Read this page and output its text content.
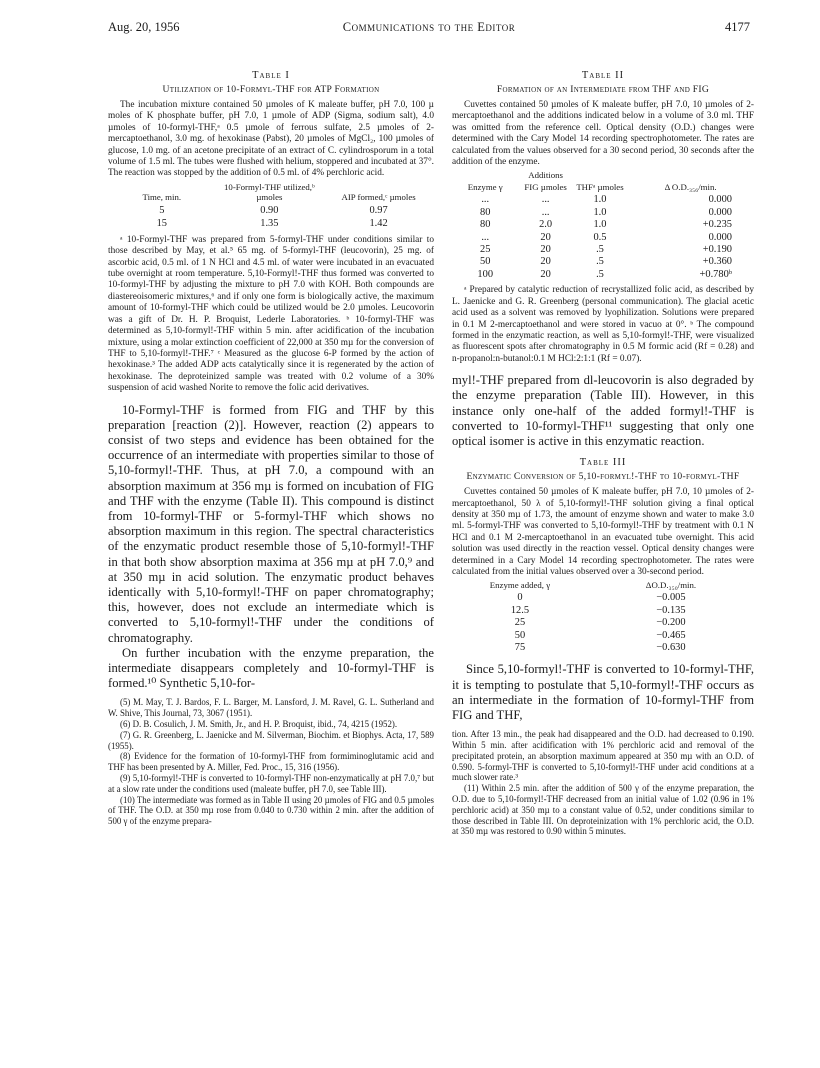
Aug. 20, 1956	Communications to the Editor	4177
Table I
Utilization of 10-Formyl-THF for ATP Formation

The incubation mixture contained 50 µmoles of K maleate buffer, pH 7.0, 100 µ moles of K phosphate buffer, pH 7.0, 1 µmole of ADP (Sigma, sodium salt), 4.0 µmoles of 10-formyl-THF,ᵃ 0.5 µmole of ferrous sulfate, 2.5 µmoles of 2-mercaptoethanol, 3.0 mg. of hexokinase (Pabst), 20 µmoles of MgCl₂, 100 µmoles of glucose, 1.0 mg. of an acetone precipitate of an extract of C. cylindrosporum in a total volume of 1.5 ml. The tubes were flushed with helium, stoppered and incubated at 37°. The reaction was stopped by the addition of 0.5 ml. of 4% perchloric acid.

Time, min.	10-Formyl-THF utilized,ᵇ µmoles	AIP formed,ᶜ µmoles
5	0.90	0.97
15	1.35	1.42

ᵃ 10-Formyl-THF was prepared from 5-formyl-THF under conditions similar to those described by May, et al.⁵ 65 mg. of 5-formyl-THF (leucovorin), 25 mg. of ascorbic acid, 0.5 ml. of 1 N HCl and 4.5 ml. of water were incubated in an evacuated tube overnight at room temperature. 5,10-Formyl!-THF thus formed was converted to 10-formyl-THF by adjusting the mixture to pH 7.0 with KOH. Both compounds are diastereoisomeric mixtures,⁶ and if only one form is biologically active, the maximum amount of 10-formyl-THF which could be utilized would be 2.0 µmoles. Leucovorin was a gift of Dr. H. P. Broquist, Lederle Laboratories. ᵇ 10-formyl-THF was determined as 5,10-formyl!-THF within 5 min. after acidification of the incubation mixture, using a molar extinction coefficient of 22,000 at 350 mµ for the conversion of THF to 5,10-formyl!-THF.⁷ ᶜ Measured as the glucose 6-P formed by the action of hexokinase.³ The added ADP acts catalytically since it is regenerated by the action of hexokinase. The deproteinized sample was treated with 0.2 volume of a 30% suspension of acid washed Norite to remove the folic acid derivatives.

10-Formyl-THF is formed from FIG and THF by this preparation [reaction (2)]. However, reaction (2) appears to consist of two steps and evidence has been obtained for the occurrence of an intermediate with properties similar to those of 5,10-formyl!-THF. Thus, at pH 7.0, a compound with an absorption maximum at 356 mµ is formed on incubation of FIG and THF with the enzyme (Table II). This compound is distinct from 10-formyl-THF or 5-formyl-THF which shows no absorption maximum in this region. The spectral characteristics of the enzymatic product resemble those of 5,10-formyl!-THF in that both show absorption maxima at 356 mµ at pH 7.0,⁹ and at 350 mµ in acid solution. The enzymatic product behaves identically with 5,10-formyl!-THF on paper chromatography; this, however, does not exclude an intermediate which is converted to 5,10-formyl!-THF under the conditions of chromatography.

On further incubation with the enzyme preparation, the intermediate disappears completely and 10-formyl-THF is formed.¹⁰ Synthetic 5,10-for-

(5) M. May, T. J. Bardos, F. L. Barger, M. Lansford, J. M. Ravel, G. L. Sutherland and W. Shive, This Journal, 73, 3067 (1951).

(6) D. B. Cosulich, J. M. Smith, Jr., and H. P. Broquist, ibid., 74, 4215 (1952).

(7) G. R. Greenberg, L. Jaenicke and M. Silverman, Biochim. et Biophys. Acta, 17, 589 (1955).

(8) Evidence for the formation of 10-formyl-THF from formiminoglutamic acid and THF has been presented by A. Miller, Fed. Proc., 15, 316 (1956).

(9) 5,10-formyl!-THF is converted to 10-formyl-THF non-enzymatically at pH 7.0,⁷ but at a slow rate under the conditions used (maleate buffer, pH 7.0, see Table III).

(10) The intermediate was formed as in Table II using 20 µmoles of FIG and 0.5 µmoles of THF. The O.D. at 350 mµ rose from 0.040 to 0.730 within 2 min. after the addition of 500 γ of the enzyme prepara-

Table II
Formation of an Intermediate from THF and FIG

Cuvettes contained 50 µmoles of K maleate buffer, pH 7.0, 10 µmoles of 2-mercaptoethanol and the additions indicated below in a volume of 3.0 ml. THF was omitted from the reference cell. Optical density (O.D.) changes were determined with the Cary Model 14 recording spectrophotometer. The rates are calculated from the values observed for a 30 second period, 30 seconds after the addition of the enzyme.

	Additions		
Enzyme γ	FIG µmoles	THFᵃ µmoles	Δ O.D.₃₅₆/min.
...	...	1.0	0.000
80	...	1.0	0.000
80	2.0	1.0	+0.235
...	20	0.5	0.000
25	20	.5	+0.190
50	20	.5	+0.360
100	20	.5	+0.780ᵇ

ᵃ Prepared by catalytic reduction of recrystallized folic acid, as described by L. Jaenicke and G. R. Greenberg (personal communication). The glacial acetic acid used as a solvent was removed by lyophilization. Solutions were prepared in 0.1 M 2-mercaptoethanol and were stored in vacuo at 0°. ᵇ The compound formed in the enzymatic reaction, as well as 5,10-formyl!-THF, were visualized as fluorescent spots after chromatography in 0.5 M formic acid (Rf = 0.28) and n-propanol:n-butanol:0.1 M HCl:2:1:1 (Rf = 0.07).

myl!-THF prepared from dl-leucovorin is also degraded by the enzyme preparation (Table III). However, in this instance only one-half of the added formyl!-THF is converted to 10-formyl-THF¹¹ suggesting that only one optical isomer is active in this enzymatic reaction.

Table III
Enzymatic Conversion of 5,10-formyl!-THF to 10-formyl-THF

Cuvettes contained 50 µmoles of K maleate buffer, pH 7.0, 10 µmoles of 2-mercaptoethanol, 50 λ of 5,10-formyl!-THF solution giving a final optical density at 350 mµ of 1.73, the amount of enzyme shown and water to make 3.0 ml. 5-formyl-THF was converted to 5,10-formyl!-THF by treatment with 0.1 N HCl and 0.1 M 2-mercaptoethanol in an evacuated tube overnight. This acid solution was used directly in the reaction vessel. Optical density changes were determined in a Cary Model 14 recording spectrophotometer. The rates were calculated from the initial values observed over a 30-second period.

Enzyme added, γ	ΔO.D.₃₅₀/min.
0	−0.005
12.5	−0.135
25	−0.200
50	−0.465
75	−0.630

Since 5,10-formyl!-THF is converted to 10-formyl-THF, it is tempting to postulate that 5,10-formyl!-THF occurs as an intermediate in the formation of 10-formyl-THF from FIG and THF,

tion. After 13 min., the peak had disappeared and the O.D. had decreased to 0.190. Within 5 min. after acidification with 1% perchloric acid and removal of the precipitated protein, an absorption maximum appeared at 350 mµ with an O.D. of 0.590. 5-formyl-THF is converted to 5,10-formyl!-THF under acid conditions at a much slower rate.³

(11) Within 2.5 min. after the addition of 500 γ of the enzyme preparation, the O.D. due to 5,10-formyl!-THF decreased from an initial value of 1.02 (0.96 in 1% perchloric acid) at 350 mµ to a constant value of 0.52, under conditions similar to those described in Table III. On deproteinization with 1% perchloric acid, the O.D. at 350 mµ was restored to 0.90 within 5 minutes.
